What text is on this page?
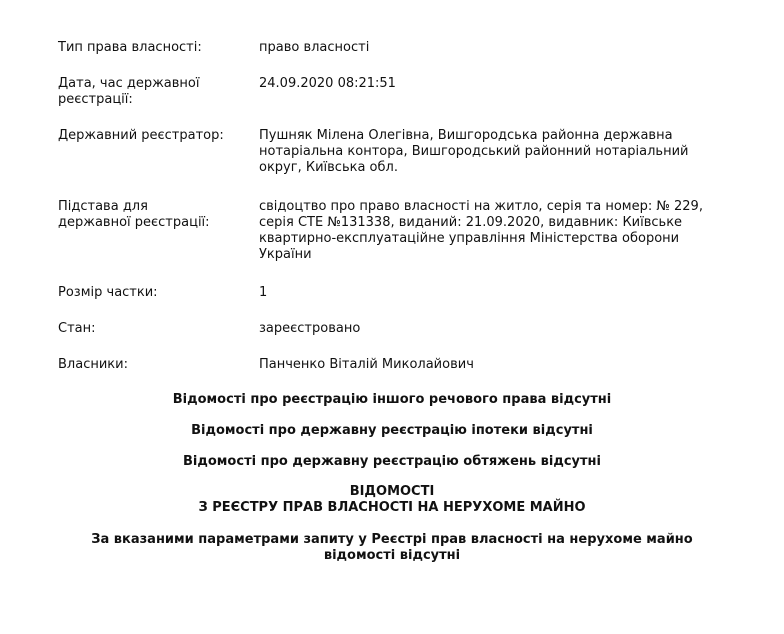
Тип права власності:	право власності
Дата, час державної
реєстрації:
24.09.2020 08:21:51
Державний реєстратор:	Пушняк Мілена Олегівна, Вишгородська районна державна
нотаріальна контора, Вишгородський районний нотаріальний
округ, Київська обл.
Підстава для
державної реєстрації:
свідоцтво про право власності на житло, серія та номер: № 229,
серія СТЕ №131338, виданий: 21.09.2020, видавник: Київське
квартирно-експлуатаційне управління Міністерства оборони
України
Розмір частки:	1
Стан:	зареєстровано
Власники:	Панченко Віталій Миколайович
Відомості про реєстрацію іншого речового права відсутні
Відомості про державну реєстрацію іпотеки відсутні
Відомості про державну реєстрацію обтяжень відсутні
ВІДОМОСТІ
З РЕЄСТРУ ПРАВ ВЛАСНОСТІ НА НЕРУХОМЕ МАЙНО
За вказаними параметрами запиту у Реєстрі прав власності на нерухоме майно
відомості відсутні
